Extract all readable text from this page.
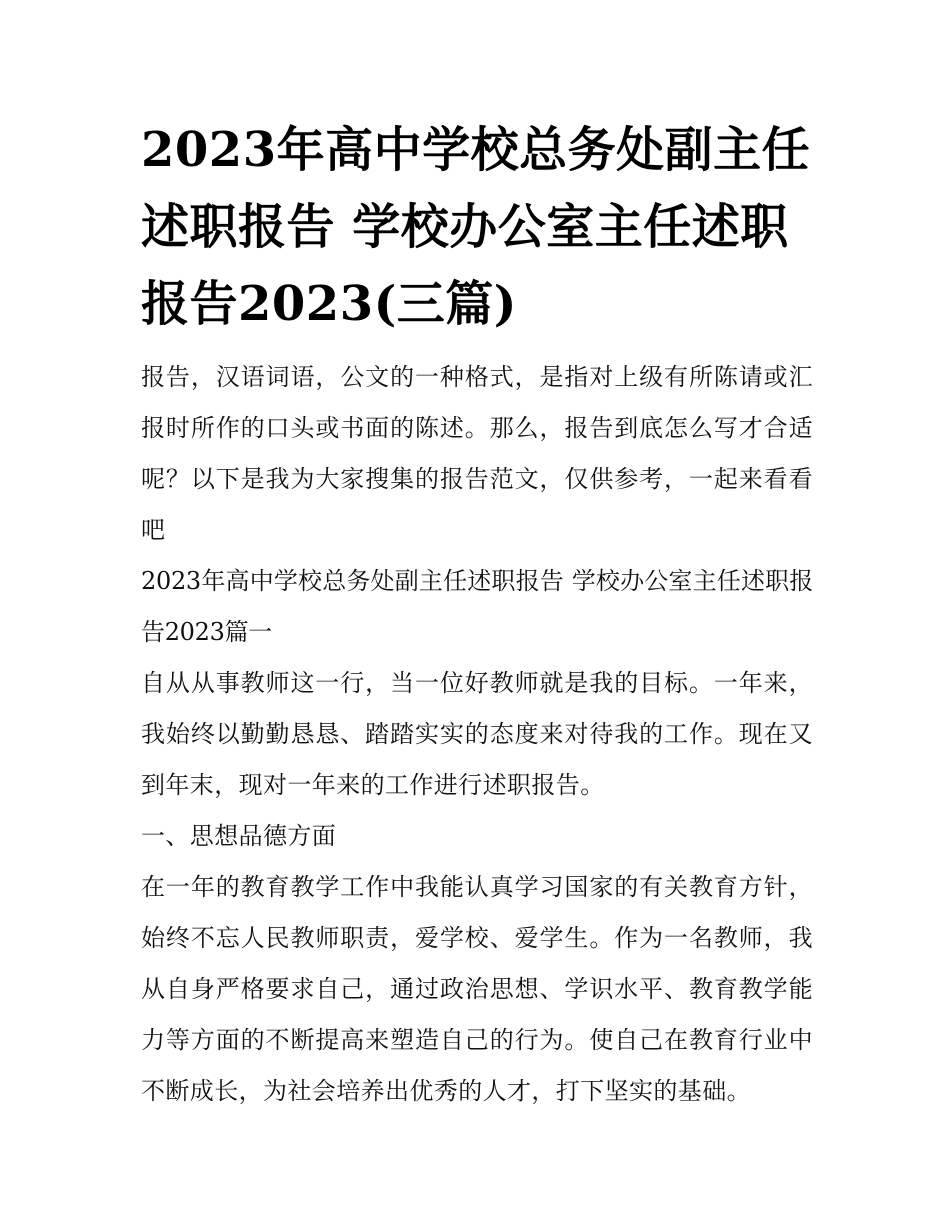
2023年高中学校总务处副主任述职报告 学校办公室主任述职报告2023(三篇)

报告，汉语词语，公文的一种格式，是指对上级有所陈请或汇报时所作的口头或书面的陈述。那么，报告到底怎么写才合适呢？以下是我为大家搜集的报告范文，仅供参考，一起来看看吧

2023年高中学校总务处副主任述职报告 学校办公室主任述职报告2023篇一

自从从事教师这一行，当一位好教师就是我的目标。一年来，我始终以勤勤恳恳、踏踏实实的态度来对待我的工作。现在又到年末，现对一年来的工作进行述职报告。

一、思想品德方面

在一年的教育教学工作中我能认真学习国家的有关教育方针，始终不忘人民教师职责，爱学校、爱学生。作为一名教师，我从自身严格要求自己，通过政治思想、学识水平、教育教学能力等方面的不断提高来塑造自己的行为。使自己在教育行业中不断成长，为社会培养出优秀的人才，打下坚实的基础。
